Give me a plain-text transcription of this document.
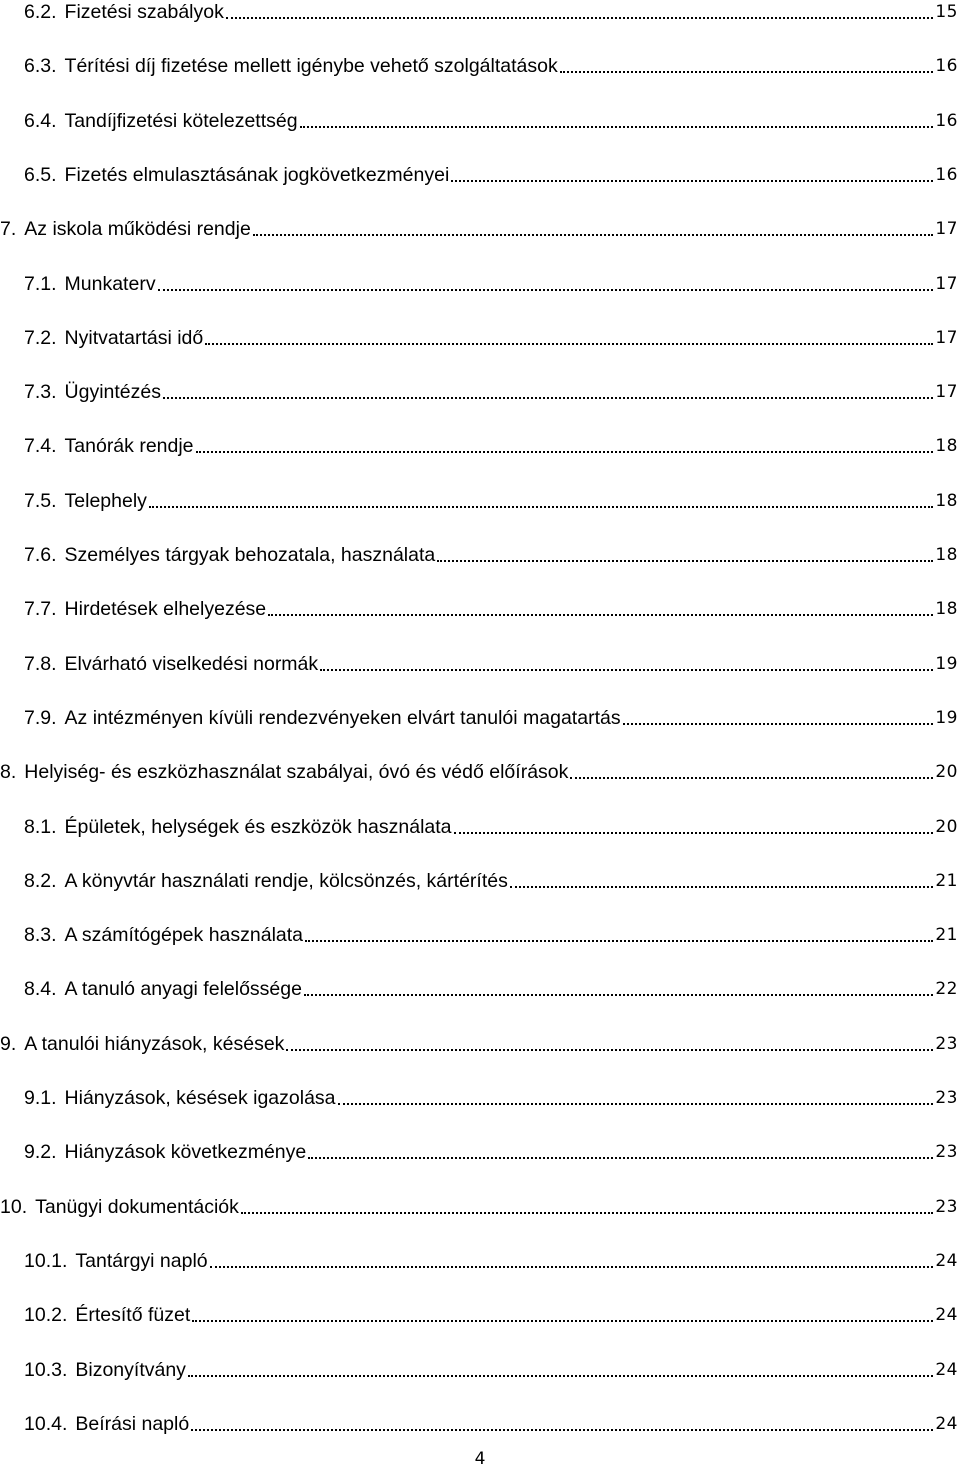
6.2. Fizetési szabályok	15
6.3. Térítési díj fizetése mellett igénybe vehető szolgáltatások	16
6.4. Tandíjfizetési kötelezettség	16
6.5. Fizetés elmulasztásának jogkövetkezményei	16
7. Az iskola működési rendje	17
7.1. Munkaterv	17
7.2. Nyitvatartási idő	17
7.3. Ügyintézés	17
7.4. Tanórák rendje	18
7.5. Telephely	18
7.6. Személyes tárgyak behozatala, használata	18
7.7. Hirdetések elhelyezése	18
7.8. Elvárható viselkedési normák	19
7.9. Az intézményen kívüli rendezvényeken elvárt tanulói magatartás	19
8. Helyiség- és eszközhasználat szabályai, óvó és védő előírások	20
8.1. Épületek, helységek és eszközök használata	20
8.2. A könyvtár használati rendje, kölcsönzés, kártérítés	21
8.3. A számítógépek használata	21
8.4. A tanuló anyagi felelőssége	22
9. A tanulói hiányzások, késések	23
9.1. Hiányzások, késések igazolása	23
9.2. Hiányzások következménye	23
10. Tanügyi dokumentációk	23
10.1. Tantárgyi napló	24
10.2. Értesítő füzet	24
10.3. Bizonyítvány	24
10.4. Beírási napló	24
4
